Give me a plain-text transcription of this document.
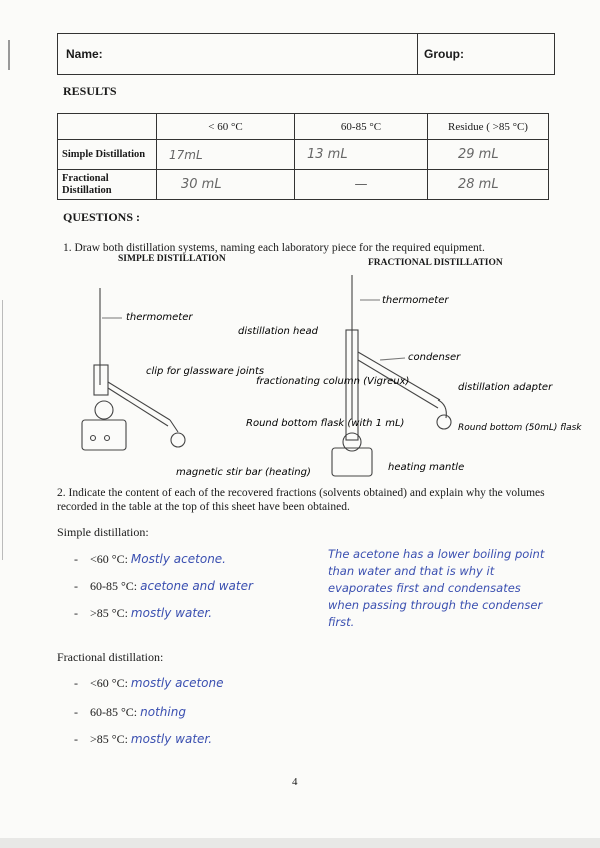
Name:	Group:
RESULTS
	< 60 °C	60-85 °C	Residue ( >85 °C)
Simple Distillation	17mL	13 mL	29 mL
Fractional Distillation	30 mL	—	28 mL
QUESTIONS :
1. Draw both distillation systems, naming each laboratory piece for the required equipment.
SIMPLE DISTILLATION	FRACTIONAL DISTILLATION
thermometer
distillation head
clip for glassware joints
fractionating column (Vigreux)
Round bottom flask (with 1 mL)
magnetic stir bar (heating)
thermometer
condenser
distillation adapter
Round bottom (50mL) flask
heating mantle
2. Indicate the content of each of the recovered fractions (solvents obtained) and explain why the volumes recorded in the table at the top of this sheet have been obtained.
Simple distillation:
-    <60 °C: Mostly acetone.
-    60-85 °C: acetone and water
-    >85 °C: mostly water.
The acetone has a lower boiling point than water and that is why it evaporates first and condensates when passing through the condenser first.
Fractional distillation:
-    <60 °C: mostly acetone
-    60-85 °C: nothing
-    >85 °C: mostly water.
4
